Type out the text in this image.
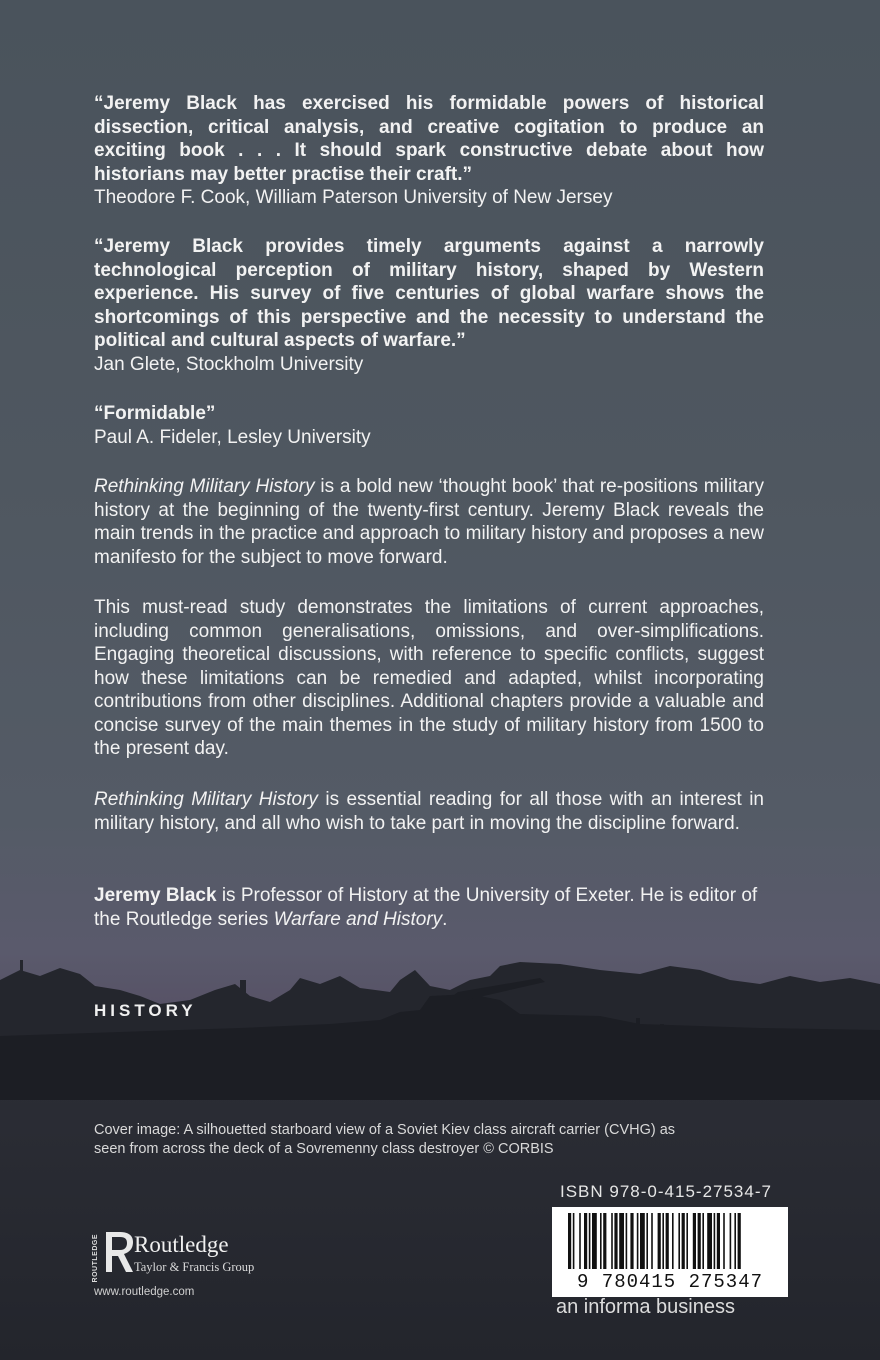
“Jeremy Black has exercised his formidable powers of historical dissection, critical analysis, and creative cogitation to produce an exciting book . . . It should spark constructive debate about how historians may better practise their craft.”
Theodore F. Cook, William Paterson University of New Jersey
“Jeremy Black provides timely arguments against a narrowly technological perception of military history, shaped by Western experience. His survey of five centuries of global warfare shows the shortcomings of this perspective and the necessity to understand the political and cultural aspects of warfare.”
Jan Glete, Stockholm University
“Formidable”
Paul A. Fideler, Lesley University
Rethinking Military History is a bold new ‘thought book’ that re-positions military history at the beginning of the twenty-first century. Jeremy Black reveals the main trends in the practice and approach to military history and proposes a new manifesto for the subject to move forward.
This must-read study demonstrates the limitations of current approaches, including common generalisations, omissions, and over-simplifications. Engaging theoretical discussions, with reference to specific conflicts, suggest how these limitations can be remedied and adapted, whilst incorporating contributions from other disciplines. Additional chapters provide a valuable and concise survey of the main themes in the study of military history from 1500 to the present day.
Rethinking Military History is essential reading for all those with an interest in military history, and all who wish to take part in moving the discipline forward.
Jeremy Black is Professor of History at the University of Exeter. He is editor of the Routledge series Warfare and History.
HISTORY
Cover image: A silhouetted starboard view of a Soviet Kiev class aircraft carrier (CVHG) as seen from across the deck of a Sovremenny class destroyer © CORBIS
ISBN 978-0-415-27534-7
9 780415 275347
an informa business
ROUTLEDGE Routledge
Taylor & Francis Group
www.routledge.com
